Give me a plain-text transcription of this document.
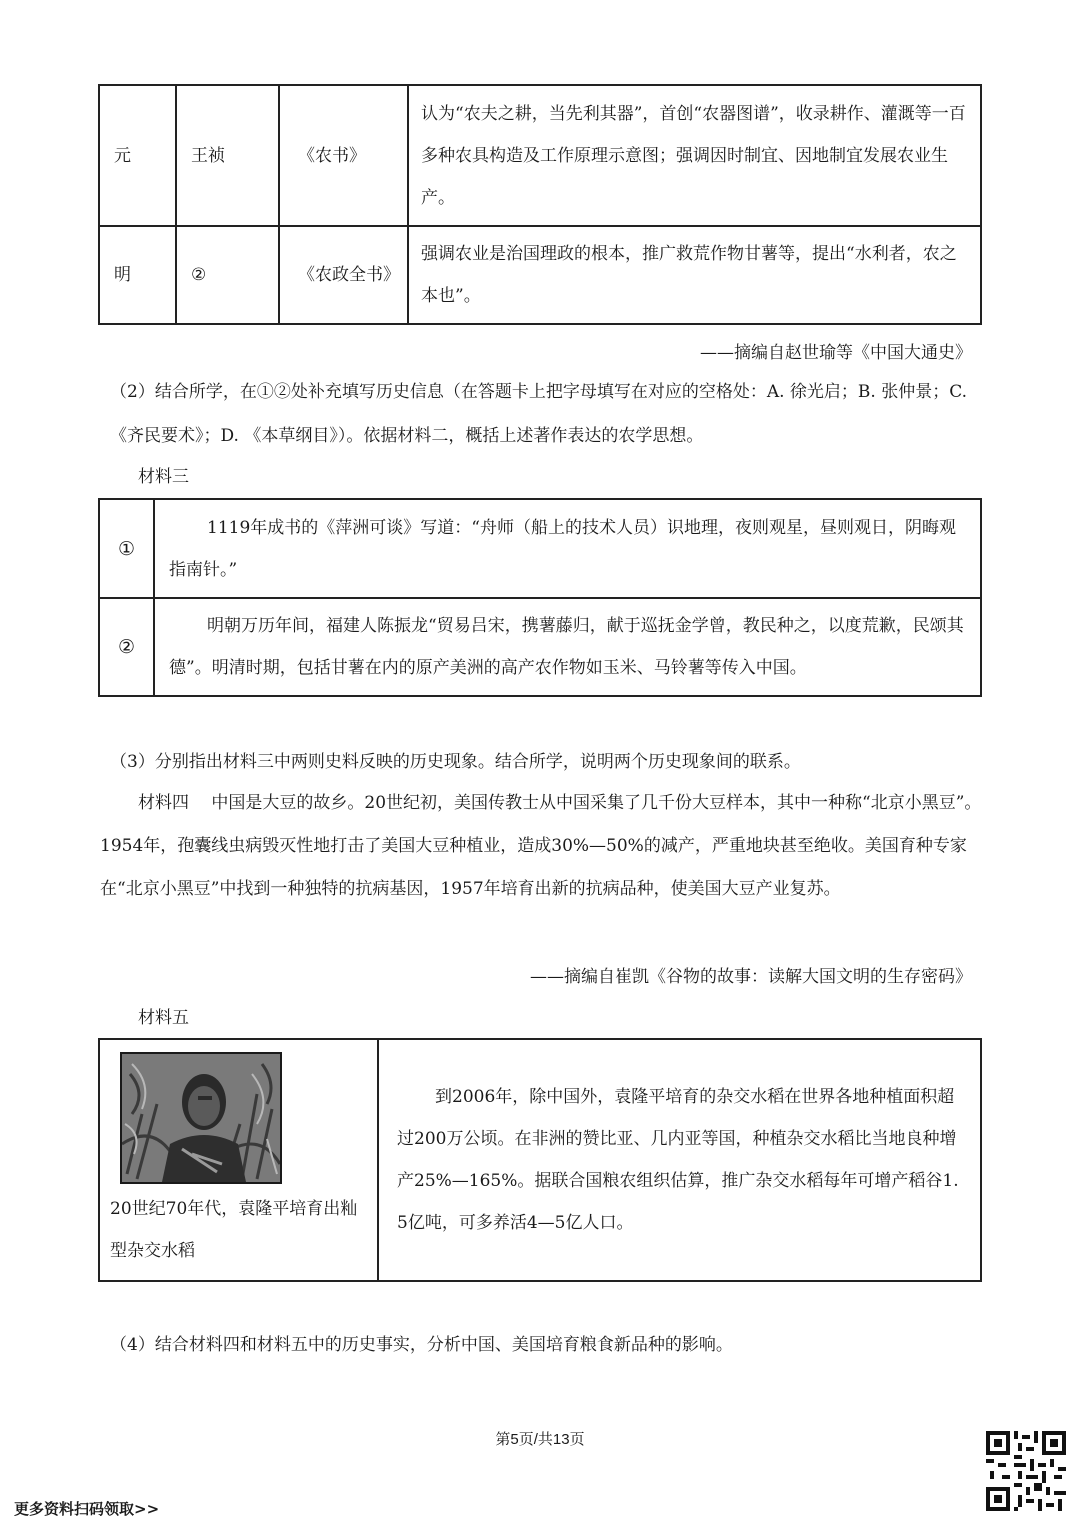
元	王祯	《农书》	认为“农夫之耕，当先利其器”，首创“农器图谱”，收录耕作、灌溉等一百多种农具构造及工作原理示意图；强调因时制宜、因地制宜发展农业生产。
明	②	《农政全书》	强调农业是治国理政的根本，推广救荒作物甘薯等，提出“水利者，农之本也”。
——摘编自赵世瑜等《中国大通史》
（2）结合所学，在①②处补充填写历史信息（在答题卡上把字母填写在对应的空格处：A. 徐光启；B. 张仲景；C. 《齐民要术》；D. 《本草纲目》）。依据材料二，概括上述著作表达的农学思想。
材料三
①	1119年成书的《萍洲可谈》写道：“舟师（船上的技术人员）识地理，夜则观星，昼则观日，阴晦观指南针。”
②	明朝万历年间，福建人陈振龙“贸易吕宋，携薯藤归，献于巡抚金学曾，教民种之，以度荒歉，民颂其德”。明清时期，包括甘薯在内的原产美洲的高产农作物如玉米、马铃薯等传入中国。
（3）分别指出材料三中两则史料反映的历史现象。结合所学，说明两个历史现象间的联系。
材料四　 中国是大豆的故乡。20世纪初，美国传教士从中国采集了几千份大豆样本，其中一种称“北京小黑豆”。1954年，孢囊线虫病毁灭性地打击了美国大豆种植业，造成30%—50%的减产，严重地块甚至绝收。美国育种专家在“北京小黑豆”中找到一种独特的抗病基因，1957年培育出新的抗病品种，使美国大豆产业复苏。
——摘编自崔凯《谷物的故事：读解大国文明的生存密码》
材料五
20世纪70年代，袁隆平培育出籼型杂交水稻
	到2006年，除中国外，袁隆平培育的杂交水稻在世界各地种植面积超过200万公顷。在非洲的赞比亚、几内亚等国，种植杂交水稻比当地良种增产25%—165%。据联合国粮农组织估算，推广杂交水稻每年可增产稻谷1. 5亿吨，可多养活4—5亿人口。
（4）结合材料四和材料五中的历史事实，分析中国、美国培育粮食新品种的影响。
第5页/共13页
更多资料扫码领取>>
